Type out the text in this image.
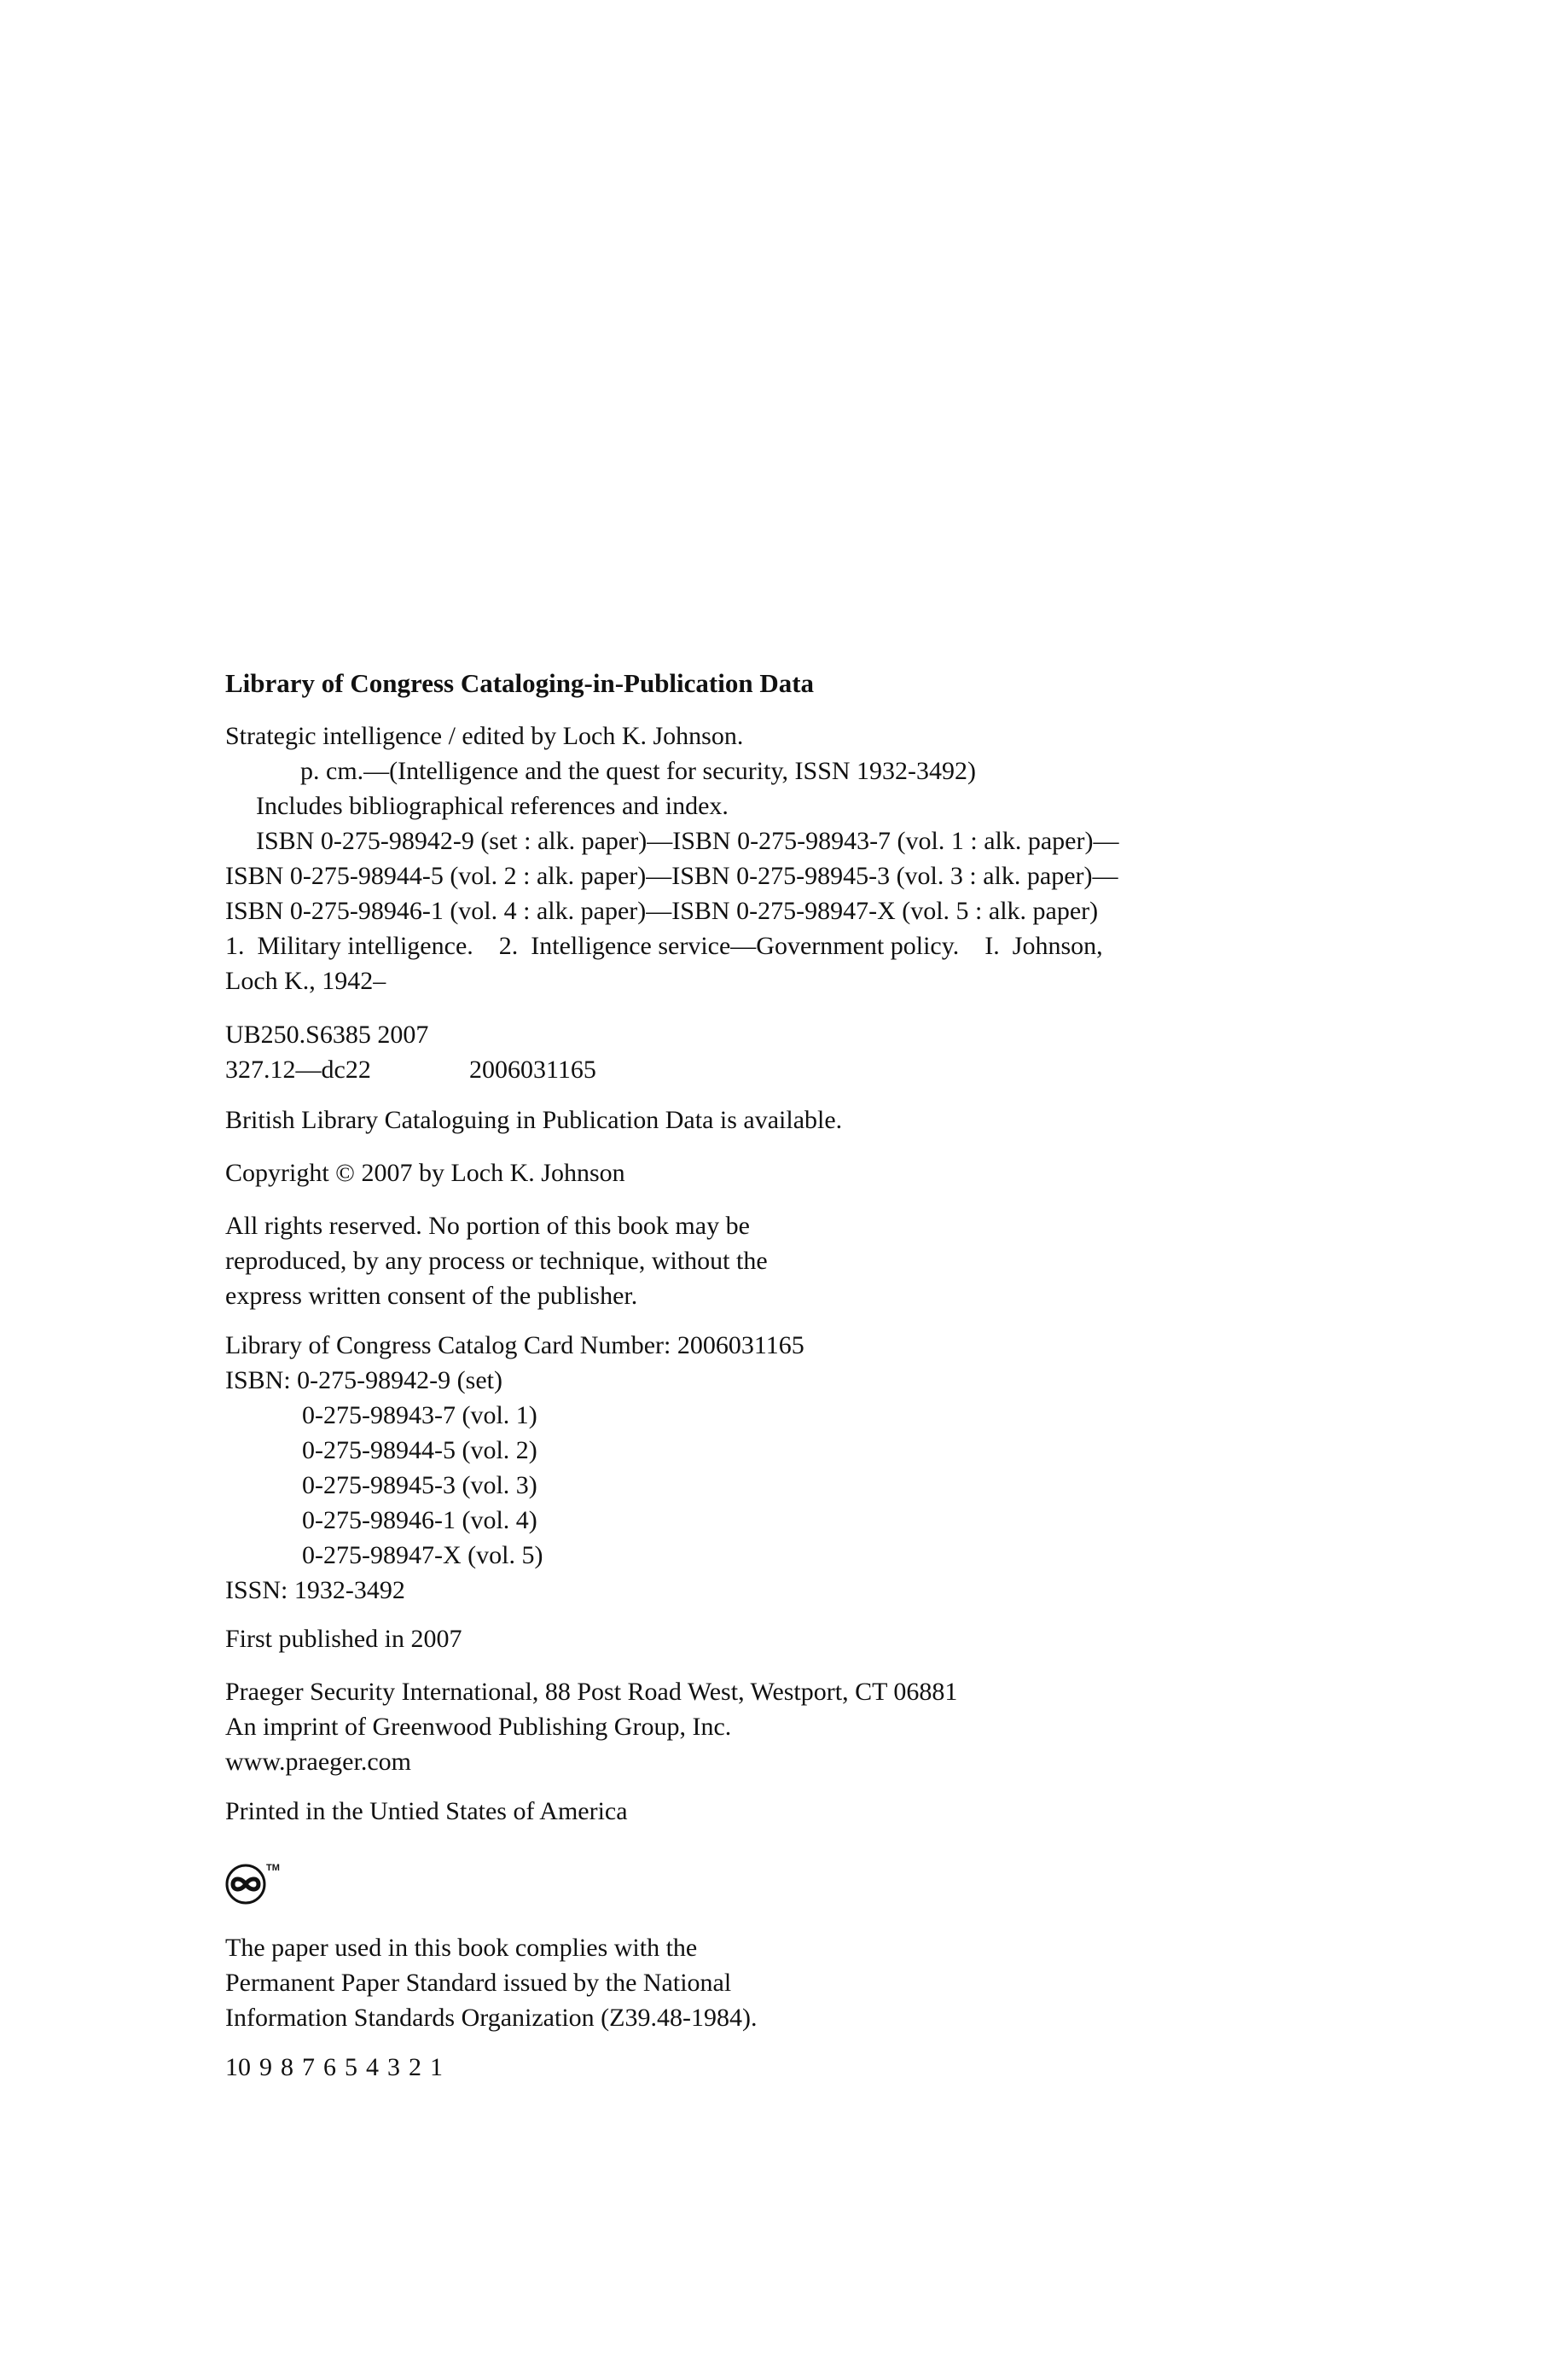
Library of Congress Cataloging-in-Publication Data
Strategic intelligence / edited by Loch K. Johnson.
p. cm.—(Intelligence and the quest for security, ISSN 1932-3492)
Includes bibliographical references and index.
ISBN 0-275-98942-9 (set : alk. paper)—ISBN 0-275-98943-7 (vol. 1 : alk. paper)—
ISBN 0-275-98944-5 (vol. 2 : alk. paper)—ISBN 0-275-98945-3 (vol. 3 : alk. paper)—
ISBN 0-275-98946-1 (vol. 4 : alk. paper)—ISBN 0-275-98947-X (vol. 5 : alk. paper)
1.  Military intelligence.    2.  Intelligence service—Government policy.    I.  Johnson,
Loch K., 1942–
UB250.S6385 2007
327.12—dc22	2006031165
British Library Cataloguing in Publication Data is available.
Copyright © 2007 by Loch K. Johnson
All rights reserved. No portion of this book may be
reproduced, by any process or technique, without the
express written consent of the publisher.
Library of Congress Catalog Card Number: 2006031165
ISBN: 0-275-98942-9 (set)
0-275-98943-7 (vol. 1)
0-275-98944-5 (vol. 2)
0-275-98945-3 (vol. 3)
0-275-98946-1 (vol. 4)
0-275-98947-X (vol. 5)
ISSN: 1932-3492
First published in 2007
Praeger Security International, 88 Post Road West, Westport, CT 06881
An imprint of Greenwood Publishing Group, Inc.
www.praeger.com
Printed in the Untied States of America
TM
The paper used in this book complies with the
Permanent Paper Standard issued by the National
Information Standards Organization (Z39.48-1984).
10 9 8 7 6 5 4 3 2 1
